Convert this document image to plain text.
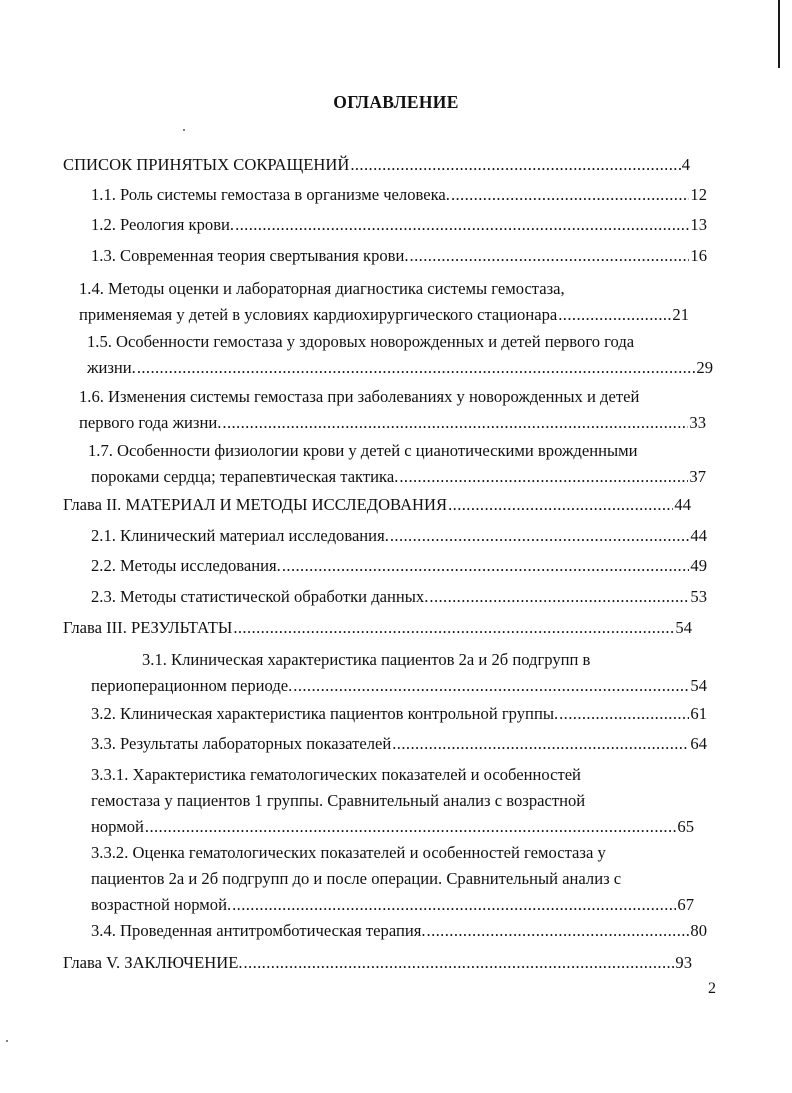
ОГЛАВЛЕНИЕ
СПИСОК ПРИНЯТЫХ СОКРАЩЕНИЙ .....	4
1.1. Роль системы гемостаза в организме человека. .....	12
1.2. Реология крови. .....	13
1.3. Современная теория свертывания крови. .....	16
1.4. Методы оценки и лабораторная диагностика системы гемостаза,
применяемая у детей в условиях кардиохирургического стационара .....	21
1.5. Особенности гемостаза у здоровых новорожденных и детей первого года
жизни. .....	29
1.6. Изменения системы гемостаза при заболеваниях у новорожденных и детей
первого года жизни. .....	33
1.7. Особенности физиологии крови у детей с цианотическими врожденными
пороками сердца; терапевтическая тактика. .....	37
Глава II. МАТЕРИАЛ И МЕТОДЫ ИССЛЕДОВАНИЯ .....	44
2.1. Клинический материал исследования. .....	44
2.2. Методы исследования. .....	49
2.3. Методы статистической обработки данных. .....	53
Глава III. РЕЗУЛЬТАТЫ .....	54
3.1. Клиническая характеристика пациентов 2а и 2б подгрупп в
периоперационном периоде. .....	54
3.2. Клиническая характеристика пациентов контрольной группы. .....	61
3.3. Результаты лабораторных показателей .....	64
3.3.1. Характеристика гематологических показателей и особенностей
гемостаза у пациентов 1 группы. Сравнительный анализ с возрастной
нормой .....	65
3.3.2. Оценка гематологических показателей и особенностей гемостаза у
пациентов 2а и 2б подгрупп до и после операции. Сравнительный анализ с
возрастной нормой. .....	67
3.4. Проведенная антитромботическая терапия. .....	80
Глава V. ЗАКЛЮЧЕНИЕ. .....	93
2
